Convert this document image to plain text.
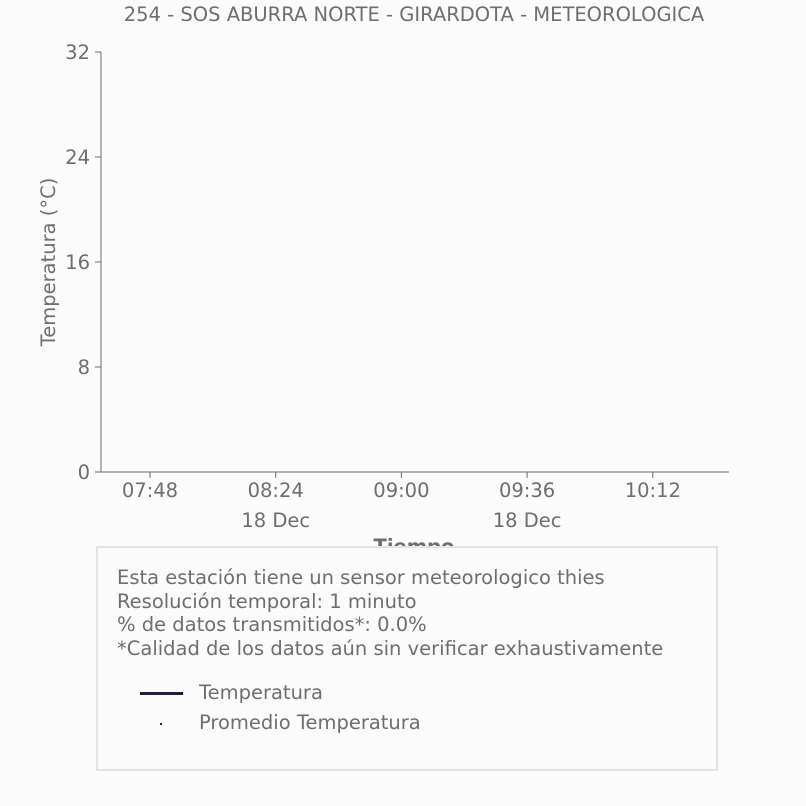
254 - SOS ABURRA NORTE - GIRARDOTA - METEOROLOGICA
0
8
16
24
32
07:48	08:24
18 Dec
09:00	09:36
18 Dec
10:12
Temperatura (°C)
Esta estación tiene un sensor meteorologico thies
Resolución temporal: 1 minuto
% de datos transmitidos*: 0.0%
*Calidad de los datos aún sin verificar exhaustivamente
Temperatura
Promedio Temperatura
